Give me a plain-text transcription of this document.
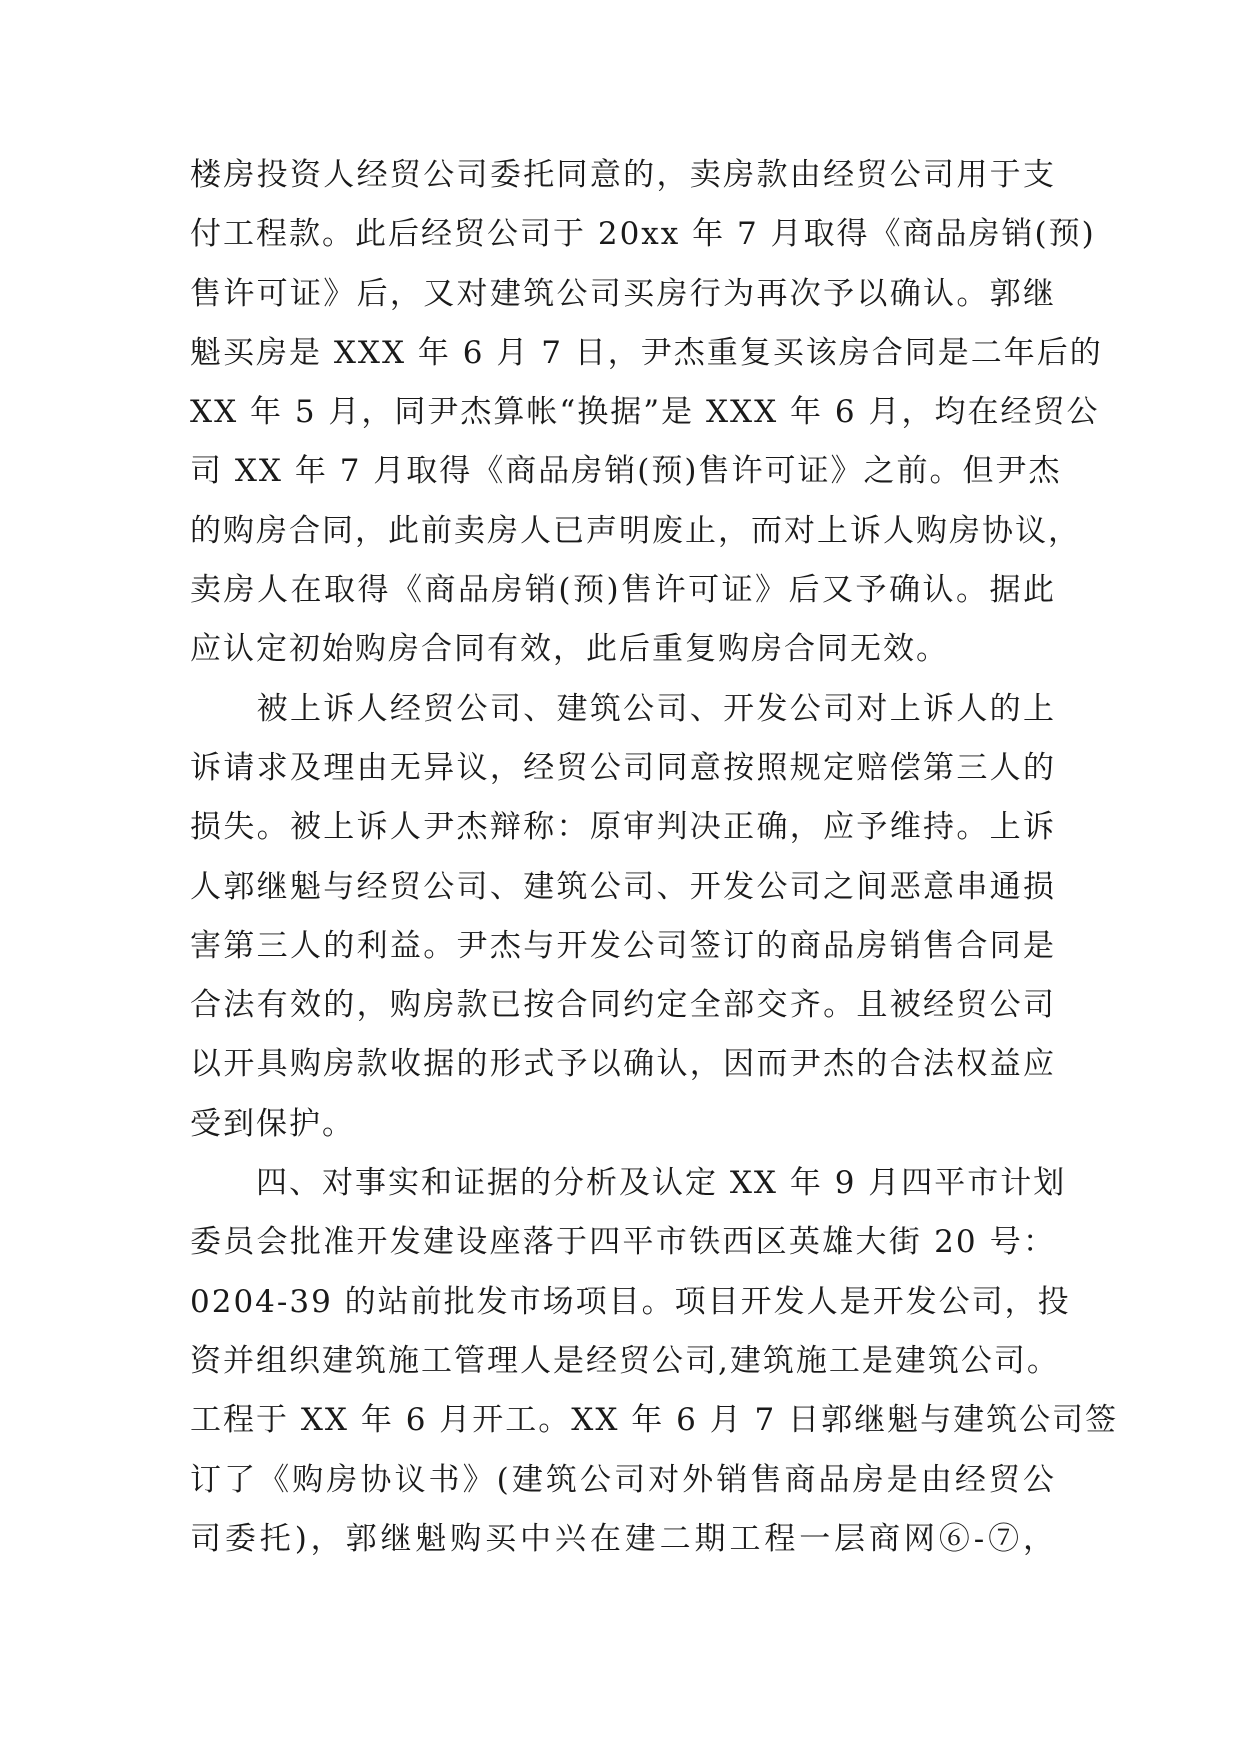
楼房投资人经贸公司委托同意的，卖房款由经贸公司用于支
付工程款。此后经贸公司于 20xx 年 7 月取得《商品房销(预)
售许可证》后，又对建筑公司买房行为再次予以确认。郭继
魁买房是 XXX 年 6 月 7 日，尹杰重复买该房合同是二年后的
XX 年 5 月，同尹杰算帐“换据”是 XXX 年 6 月，均在经贸公
司 XX 年 7 月取得《商品房销(预)售许可证》之前。但尹杰
的购房合同，此前卖房人已声明废止，而对上诉人购房协议，
卖房人在取得《商品房销(预)售许可证》后又予确认。据此
应认定初始购房合同有效，此后重复购房合同无效。
　　被上诉人经贸公司、建筑公司、开发公司对上诉人的上
诉请求及理由无异议，经贸公司同意按照规定赔偿第三人的
损失。被上诉人尹杰辩称：原审判决正确，应予维持。上诉
人郭继魁与经贸公司、建筑公司、开发公司之间恶意串通损
害第三人的利益。尹杰与开发公司签订的商品房销售合同是
合法有效的，购房款已按合同约定全部交齐。且被经贸公司
以开具购房款收据的形式予以确认，因而尹杰的合法权益应
受到保护。
　　四、对事实和证据的分析及认定 XX 年 9 月四平市计划
委员会批准开发建设座落于四平市铁西区英雄大街 20 号：
0204-39 的站前批发市场项目。项目开发人是开发公司，投
资并组织建筑施工管理人是经贸公司,建筑施工是建筑公司。
工程于 XX 年 6 月开工。XX 年 6 月 7 日郭继魁与建筑公司签
订了《购房协议书》(建筑公司对外销售商品房是由经贸公
司委托)，郭继魁购买中兴在建二期工程一层商网⑥-⑦，
